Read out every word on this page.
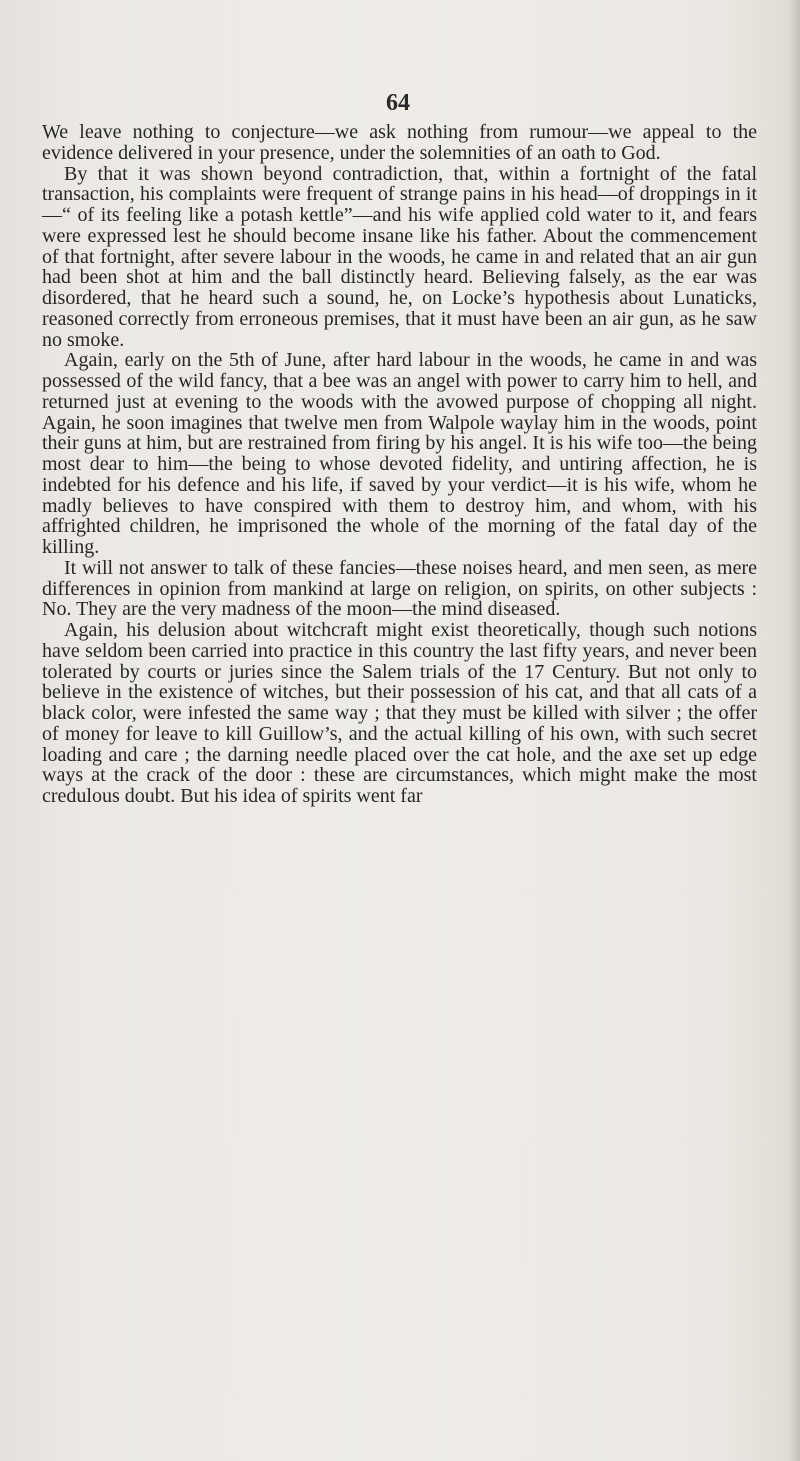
64

We leave nothing to conjecture—we ask nothing from rumour—we appeal to the evidence delivered in your presence, under the solemnities of an oath to God.

By that it was shown beyond contradiction, that, within a fortnight of the fatal transaction, his complaints were frequent of strange pains in his head—of droppings in it—“ of its feeling like a potash kettle”—and his wife applied cold water to it, and fears were expressed lest he should become insane like his father. About the commencement of that fortnight, after severe labour in the woods, he came in and related that an air gun had been shot at him and the ball distinctly heard. Believing falsely, as the ear was disordered, that he heard such a sound, he, on Locke’s hypothesis about Lunaticks, reasoned correctly from erroneous premises, that it must have been an air gun, as he saw no smoke.

Again, early on the 5th of June, after hard labour in the woods, he came in and was possessed of the wild fancy, that a bee was an angel with power to carry him to hell, and returned just at evening to the woods with the avowed purpose of chopping all night. Again, he soon imagines that twelve men from Walpole waylay him in the woods, point their guns at him, but are restrained from firing by his angel. It is his wife too—the being most dear to him—the being to whose devoted fidelity, and untiring affection, he is indebted for his defence and his life, if saved by your verdict—it is his wife, whom he madly believes to have conspired with them to destroy him, and whom, with his affrighted children, he imprisoned the whole of the morning of the fatal day of the killing.

It will not answer to talk of these fancies—these noises heard, and men seen, as mere differences in opinion from mankind at large on religion, on spirits, on other subjects : No. They are the very madness of the moon—the mind diseased.

Again, his delusion about witchcraft might exist theoretically, though such notions have seldom been carried into practice in this country the last fifty years, and never been tolerated by courts or juries since the Salem trials of the 17 Century. But not only to believe in the existence of witches, but their possession of his cat, and that all cats of a black color, were infested the same way ; that they must be killed with silver ; the offer of money for leave to kill Guillow’s, and the actual killing of his own, with such secret loading and care ; the darning needle placed over the cat hole, and the axe set up edge ways at the crack of the door : these are circumstances, which might make the most credulous doubt. But his idea of spirits went far
